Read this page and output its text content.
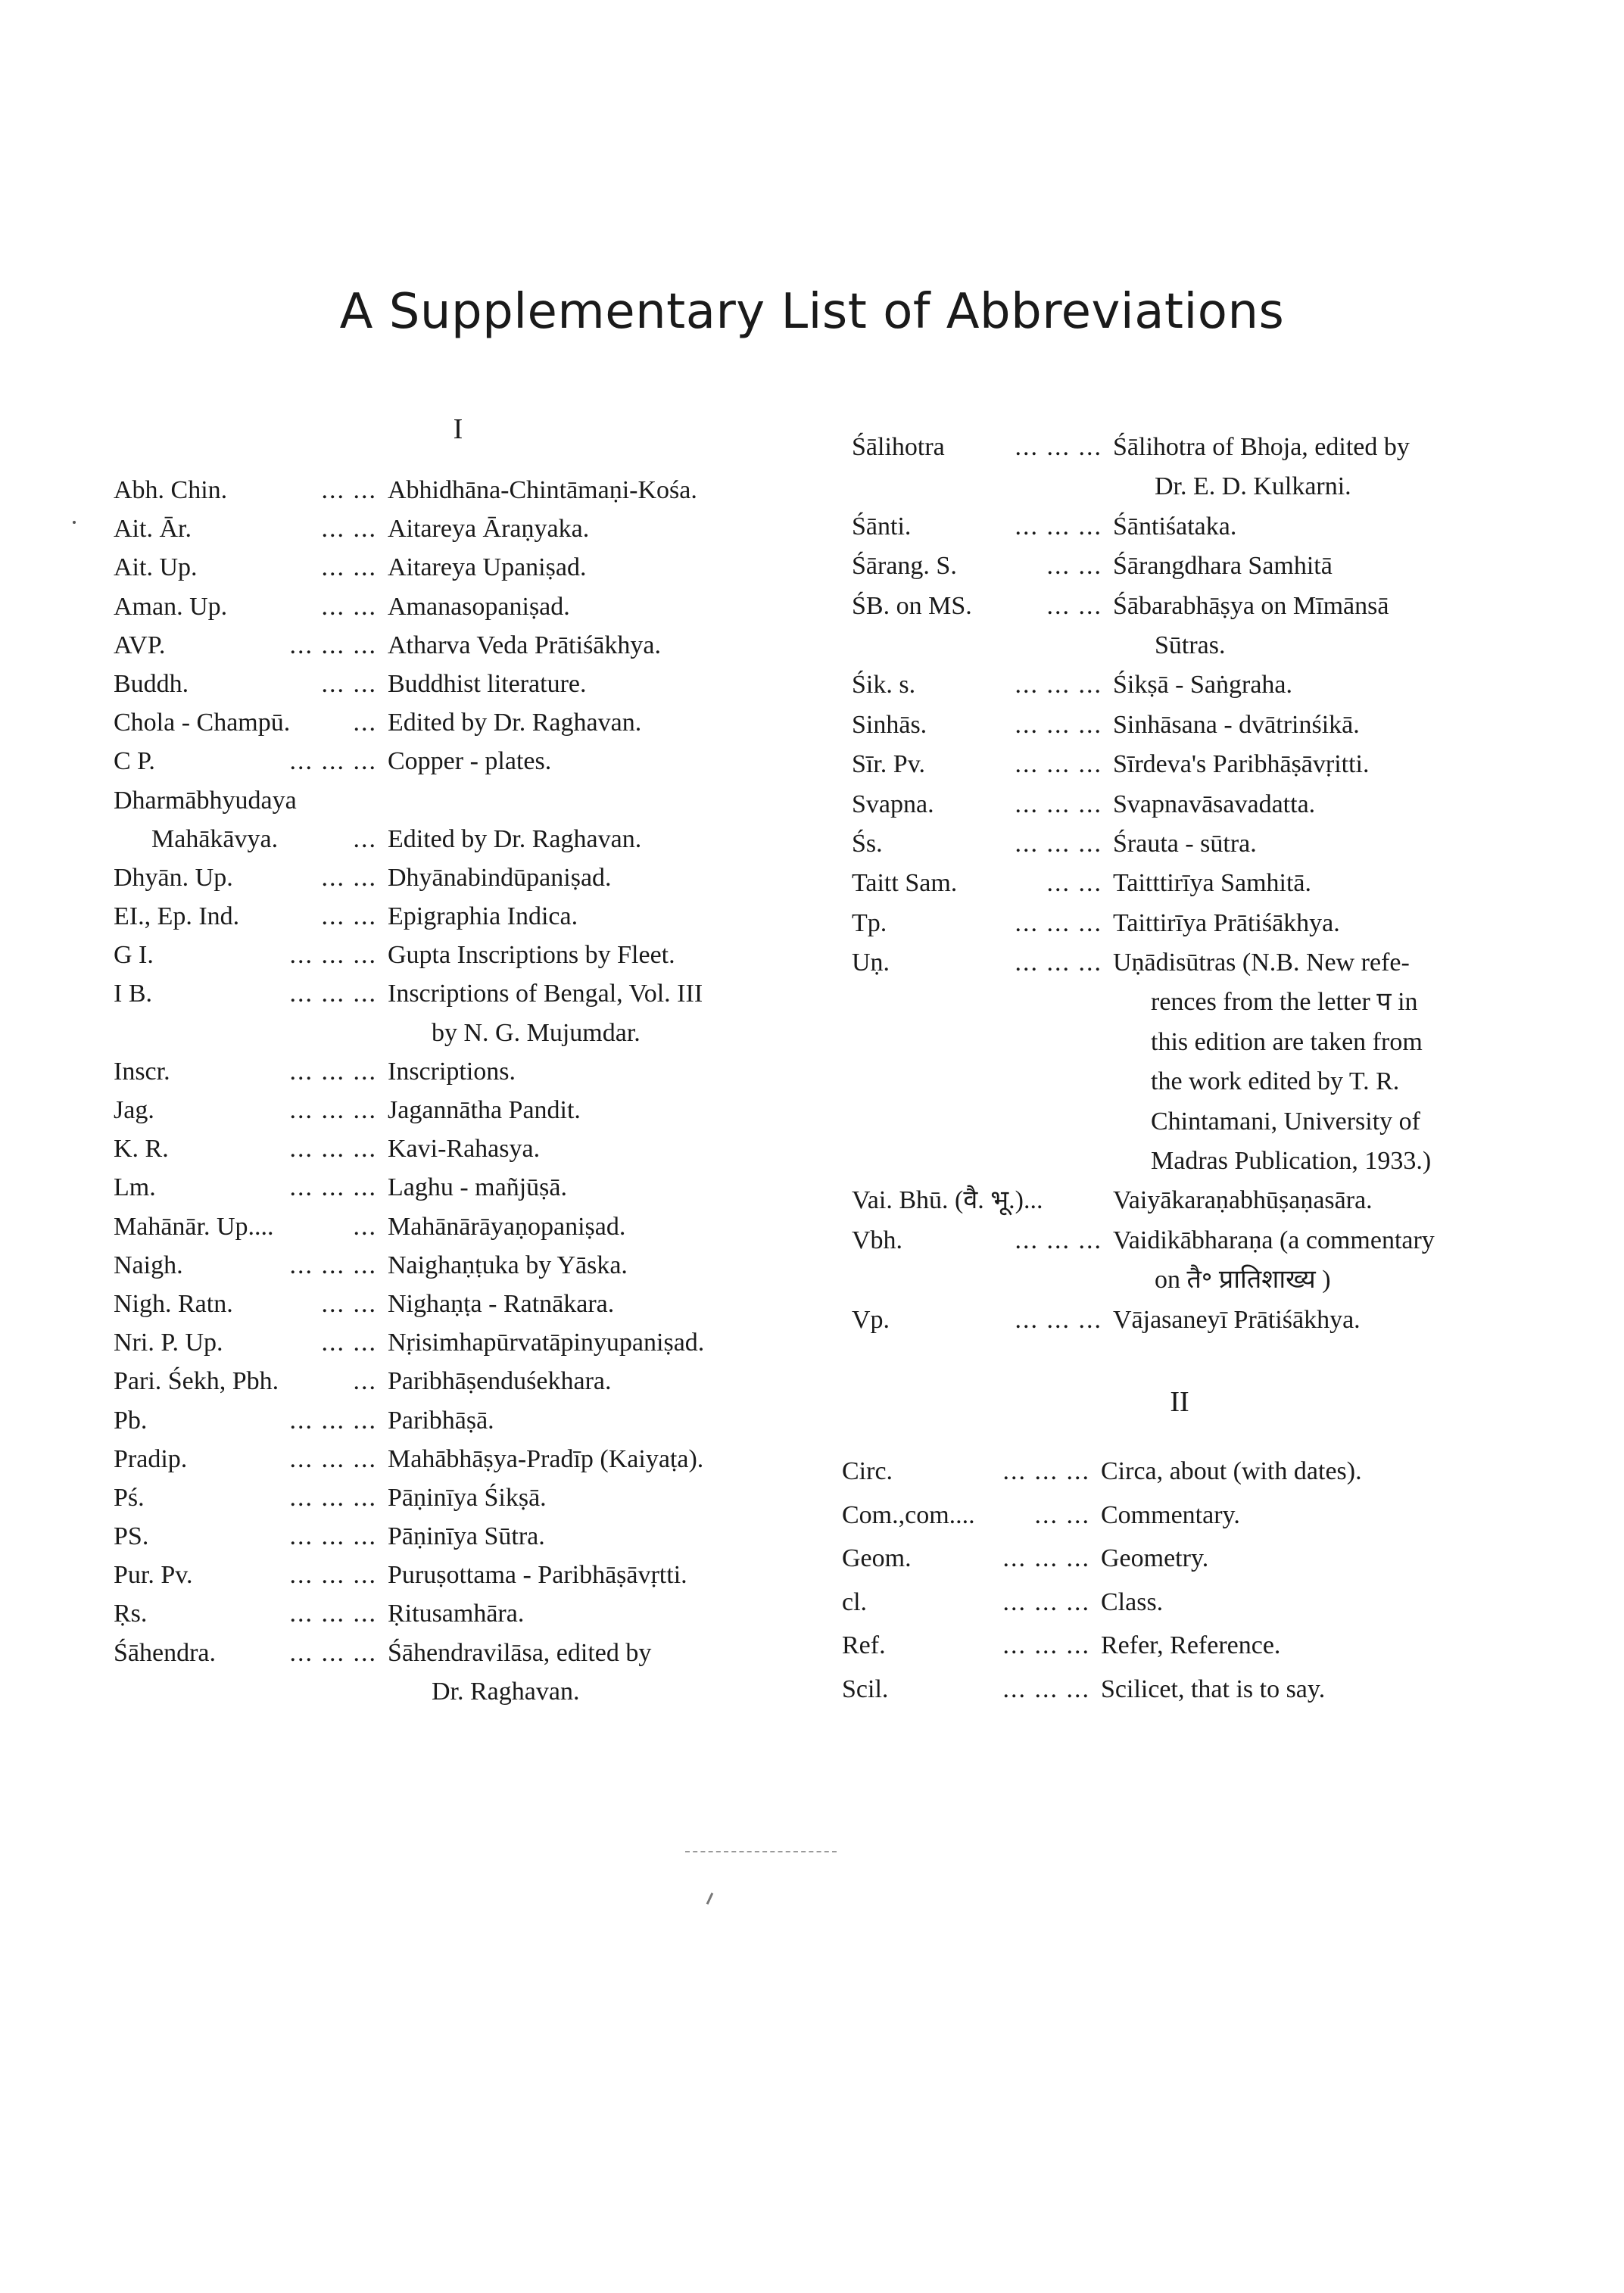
A Supplementary List of Abbreviations
I
II
Abh. Chin.	... ... Abhidhāna-Chintāmaṇi-Kośa.
Ait. Ār.	... ... Aitareya Āraṇyaka.
Ait. Up.	... ... Aitareya Upaniṣad.
Aman. Up.	... ... Amanasopaniṣad.
AVP.	... ... ... Atharva Veda Prātiśākhya.
Buddh.	... ... Buddhist literature.
Chola - Champū. ... Edited by Dr. Raghavan.
C P.	... ... ... Copper - plates.
Dharmābhyudaya
Mahākāvya.	... Edited by Dr. Raghavan.
Dhyān. Up.	... ... Dhyānabindūpaniṣad.
EI., Ep. Ind.	... ... Epigraphia Indica.
G I.	... ... ... Gupta Inscriptions by Fleet.
I B.	... ... ... Inscriptions of Bengal, Vol. III
by N. G. Mujumdar.
Inscr.	... ... ... Inscriptions.
Jag.	... ... ... Jagannātha Pandit.
K. R.	... ... ... Kavi-Rahasya.
Lm.	... ... ... Laghu - mañjūṣā.
Mahānār. Up....	... Mahānārāyaṇopaniṣad.
Naigh.	... ... ... Naighaṇṭuka by Yāska.
Nigh. Ratn.	... ... Nighaṇṭa - Ratnākara.
Nri. P. Up.	... ... Nṛisimhapūrvatāpinyupaniṣad.
Pari. Śekh, Pbh.	... Paribhāṣenduśekhara.
Pb.	... ... ... Paribhāṣā.
Pradip.	... ... ... Mahābhāṣya-Pradīp (Kaiyaṭa).
Pś.	... ... ... Pāṇinīya Śikṣā.
PS.	... ... ... Pāṇinīya Sūtra.
Pur. Pv.	... ... ... Puruṣottama - Paribhāṣāvṛtti.
Ṛs.	... ... ... Ṛitusamhāra.
Śāhendra.	... ... ... Śāhendravilāsa, edited by
Dr. Raghavan.
Śālihotra	... ... ... Śālihotra of Bhoja, edited by
Dr. E. D. Kulkarni.
Śānti.	... ... ... Śāntiśataka.
Śārang. S.	... ... Śārangdhara Samhitā
ŚB. on MS.	... ... Śābarabhāṣya on Mīmānsā
Sūtras.
Śik. s.	... ... ... Śikṣā - Saṅgraha.
Sinhās.	... ... ... Sinhāsana - dvātrinśikā.
Sīr. Pv.	... ... ... Sīrdeva's Paribhāṣāvṛitti.
Svapna.	... ... ... Svapnavāsavadatta.
Śs.	... ... ... Śrauta - sūtra.
Taitt Sam.	... ... Taitttirīya Samhitā.
Tp.	... ... ... Taittirīya Prātiśākhya.
Uṇ.	... ... ... Uṇādisūtras (N.B. New refe-
rences from the letter प in
this edition are taken from
the work edited by T. R.
Chintamani, University of
Madras Publication, 1933.)
Vai. Bhū. (वै. भू.)...	Vaiyākaraṇabhūṣaṇasāra.
Vbh.	... ... ... Vaidikābharaṇa (a commentary
on तै॰ प्रातिशाख्य )
Vp.	... ... ... Vājasaneyī Prātiśākhya.
Circ.	... ... ... Circa, about (with dates).
Com.,com.... ... ... Commentary.
Geom.	... ... ... Geometry.
cl.	... ... ... Class.
Ref.	... ... ... Refer, Reference.
Scil.	... ... ... Scilicet, that is to say.
